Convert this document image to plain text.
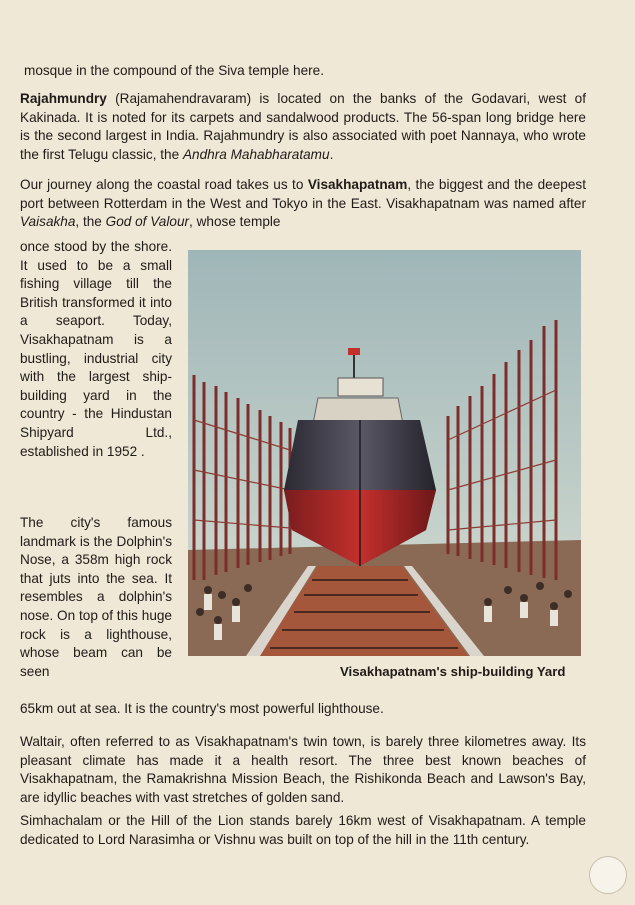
mosque in the compound of the Siva temple here.

Rajahmundry (Rajamahendravaram) is located on the banks of the Godavari, west of Kakinada. It is noted for its carpets and sandalwood products. The 56-span long bridge here is the second largest in India. Rajahmundry is also associated with poet Nannaya, who wrote the first Telugu classic, the Andhra Mahabharatamu.

Our journey along the coastal road takes us to Visakhapatnam, the biggest and the deepest port between Rotterdam in the West and Tokyo in the East. Visakhapatnam was named after Vaisakha, the God of Valour, whose temple

once stood by the shore. It used to be a small fishing village till the British transformed it into a seaport. Today, Visakhapatnam is a bustling, industrial city with the largest ship-building yard in the country - the Hindustan Shipyard Ltd., established in 1952 .

The city's famous landmark is the Dolphin's Nose, a 358m high rock that juts into the sea. It resembles a dolphin's nose. On top of this huge rock is a lighthouse, whose beam can be seen	Visakhapatnam's ship-building Yard

65km out at sea. It is the country's most powerful lighthouse.

Waltair, often referred to as Visakhapatnam's twin town, is barely three kilometres away. Its pleasant climate has made it a health resort. The three best known beaches of Visakhapatnam, the Ramakrishna Mission Beach, the Rishikonda Beach and Lawson's Bay, are idyllic beaches with vast stretches of golden sand.

Simhachalam or the Hill of the Lion stands barely 16km west of Visakhapatnam. A temple dedicated to Lord Narasimha or Vishnu was built on top of the hill in the 11th century.
